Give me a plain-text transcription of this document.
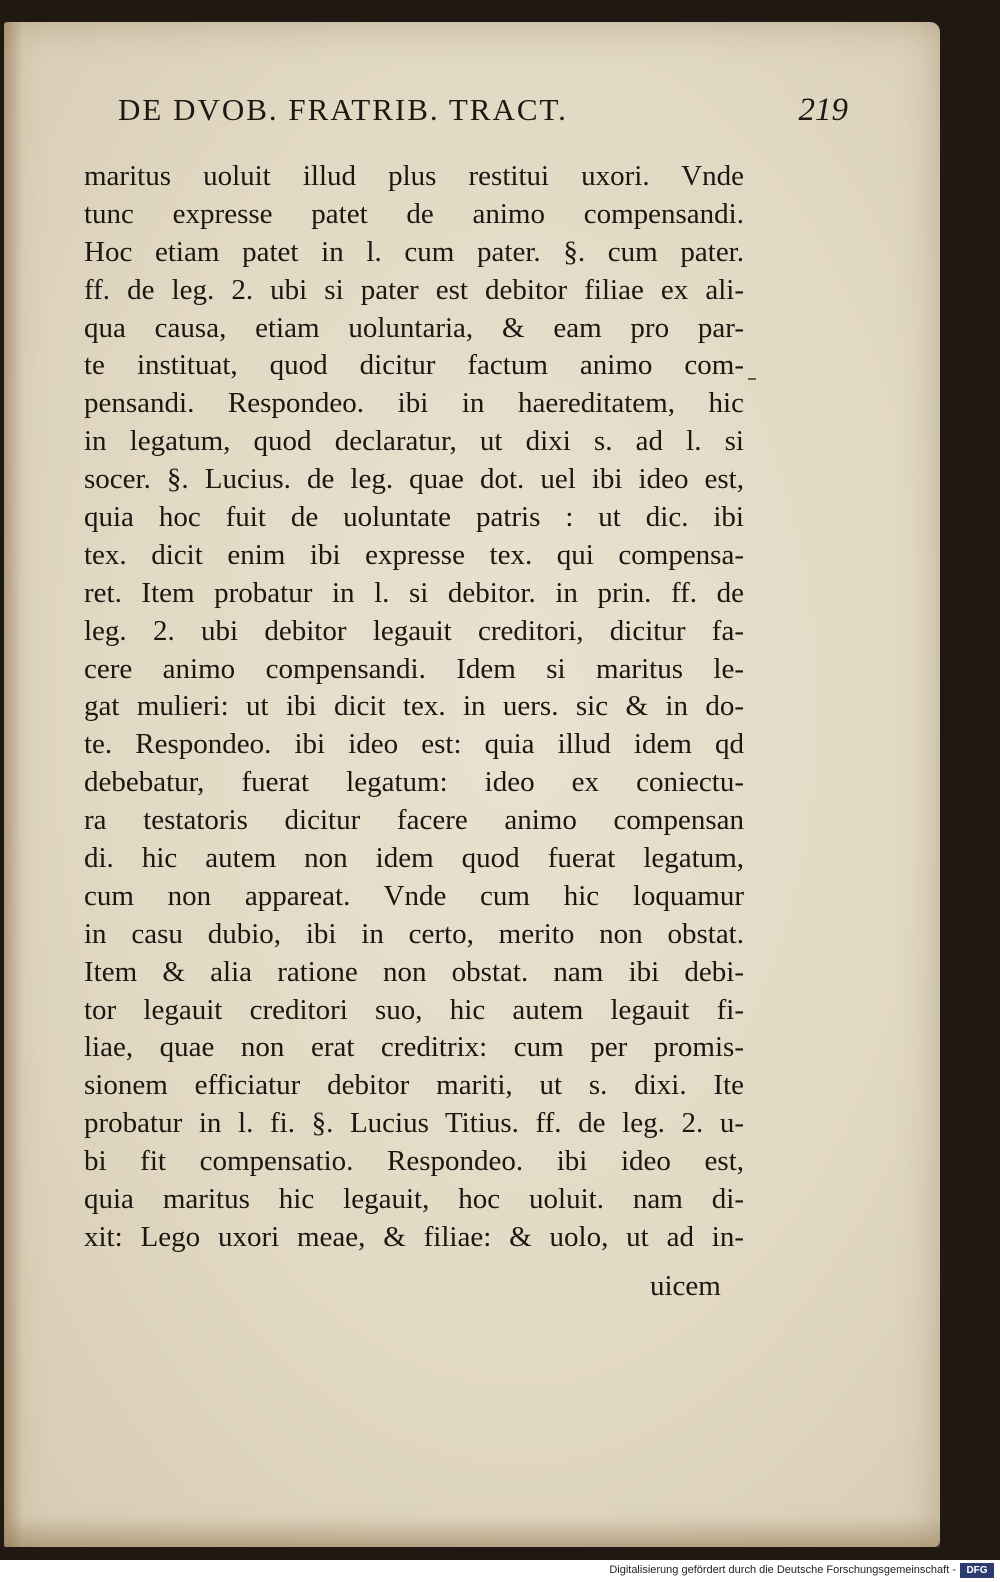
DE DVOB. FRATRIB. TRACT.	219
maritus uoluit illud plus restitui uxori. Vnde
tunc expresse patet de animo compensandi.
Hoc etiam patet in l. cum pater. §. cum pater.
ff. de leg. 2. ubi si pater est debitor filiae ex ali-
qua causa, etiam uoluntaria, & eam pro par-
te instituat, quod dicitur factum animo com-
pensandi. Respondeo. ibi in haereditatem, hic
in legatum, quod declaratur, ut dixi s. ad l. si
socer. §. Lucius. de leg. quae dot. uel ibi ideo est,
quia hoc fuit de uoluntate patris : ut dic. ibi
tex. dicit enim ibi expresse tex. qui compensa-
ret. Item probatur in l. si debitor. in prin. ff. de
leg. 2. ubi debitor legauit creditori, dicitur fa-
cere animo compensandi. Idem si maritus le-
gat mulieri: ut ibi dicit tex. in uers. sic & in do-
te. Respondeo. ibi ideo est: quia illud idem qd
debebatur, fuerat legatum: ideo ex coniectu-
ra testatoris dicitur facere animo compensan
di. hic autem non idem quod fuerat legatum,
cum non appareat. Vnde cum hic loquamur
in casu dubio, ibi in certo, merito non obstat.
Item & alia ratione non obstat. nam ibi debi-
tor legauit creditori suo, hic autem legauit fi-
liae, quae non erat creditrix: cum per promis-
sionem efficiatur debitor mariti, ut s. dixi. Ite
probatur in l. fi. §. Lucius Titius. ff. de leg. 2. u-
bi fit compensatio. Respondeo. ibi ideo est,
quia maritus hic legauit, hoc uoluit. nam di-
xit: Lego uxori meae, & filiae: & uolo, ut ad in-
uicem
Digitalisierung gefördert durch die Deutsche Forschungsgemeinschaft -	DFG
